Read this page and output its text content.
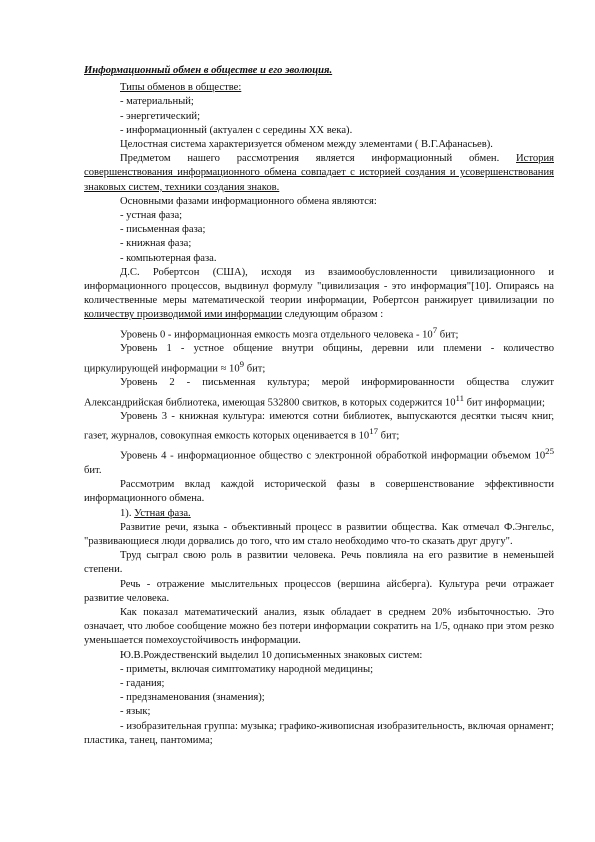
Информационный обмен в обществе и его эволюция.

Типы обменов в обществе:

- материальный;

- энергетический;

- информационный (актуален с середины ХХ века).

Целостная система характеризуется обменом между элементами ( В.Г.Афанасьев).

Предметом нашего рассмотрения является информационный обмен. История совершенствования информационного обмена совпадает с историей создания и усовершенствования знаковых систем, техники создания знаков.

Основными фазами информационного обмена являются:

- устная фаза;

- письменная фаза;

- книжная фаза;

- компьютерная фаза.

Д.С. Робертсон (США), исходя из взаимообусловленности цивилизационного и информационного процессов, выдвинул формулу "цивилизация - это информация"[10]. Опираясь на количественные меры математической теории информации, Робертсон ранжирует цивилизации по количеству производимой ими информации следующим образом :

Уровень 0 - информационная емкость мозга отдельного человека - $10^7$ бит;

Уровень 1 - устное общение внутри общины, деревни или племени - количество циркулирующей информации ≈ $10^9$ бит;

Уровень 2 - письменная культура; мерой информированности общества служит Александрийская библиотека, имеющая 532800 свитков, в которых содержится $10^{11}$ бит информации;

Уровень 3 - книжная культура: имеются сотни библиотек, выпускаются десятки тысяч книг, газет, журналов, совокупная емкость которых оценивается в $10^{17}$ бит;

Уровень 4 - информационное общество с электронной обработкой информации объемом $10^{25}$ бит.

Рассмотрим вклад каждой исторической фазы в совершенствование эффективности информационного обмена.

1). Устная фаза.

Развитие речи, языка - объективный процесс в развитии общества. Как отмечал Ф.Энгельс, "развивающиеся люди дорвались до того, что им стало необходимо что-то сказать друг другу".

Труд сыграл свою роль в развитии человека. Речь повлияла на его развитие в неменьшей степени.

Речь - отражение мыслительных процессов (вершина айсберга). Культура речи отражает развитие человека.

Как показал математический анализ, язык обладает в среднем 20% избыточностью. Это означает, что любое сообщение можно без потери информации сократить на 1/5, однако при этом резко уменьшается помехоустойчивость информации.

Ю.В.Рождественский выделил 10 дописьменных знаковых систем:

- приметы, включая симптоматику народной медицины;

- гадания;

- предзнаменования (знамения);

- язык;

- изобразительная группа: музыка; графико-живописная изобразительность, включая орнамент; пластика, танец, пантомима;
